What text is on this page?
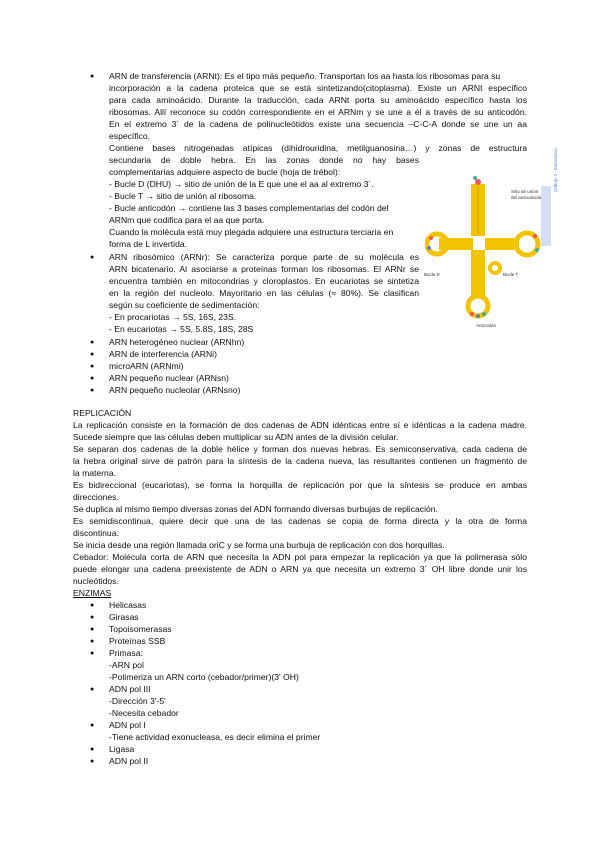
● ARN de transferencia (ARNt): Es el tipo más pequeño. Transportan los aa hasta los ribosomas para su
incorporación a la cadena proteica que se está sintetizando(citoplasma). Existe un ARNt específico
para cada aminoácido. Durante la traducción, cada ARNt porta su aminoácido específico hasta los
ribosomas. Allí reconoce su codón correspondiente en el ARNm y se une a él a través de su anticodón.
En el extremo 3´ de la cadena de polinucleótidos existe una secuencia –C-C-A donde se une un aa
específico.
Contiene bases nitrogenadas atípicas (dihidrouridina, metilguanosina…) y zonas de estructura
secundaria de doble hebra. En las zonas donde no hay bases
complementarias adquiere aspecto de bucle (hoja de trébol):
- Bucle D (DHU) → sitio de unión de la E que une el aa al extremo 3´.
- Bucle T → sitio de unión al ribosoma.
- Bucle anticodón → contiene las 3 bases complementarias del codón del
ARNm que codifica para el aa que porta.
Cuando la molécula está muy plegada adquiere una estructura terciaria en
forma de L invertida.
● ARN ribosómico (ARNr): Se caracteriza porque parte de su molécula es
ARN bicatenario. Al asociarse a proteínas forman los ribosomas. El ARNr se
encuentra también en mitocondrias y cloroplastos. En eucariotas se sintetiza
en la región del nucleolo. Mayoritario en las células (≈ 80%). Se clasifican
según su coeficiente de sedimentación:
- En procariotas → 5S, 16S, 23S.
- En eucariotas → 5S, 5.8S, 18S, 28S
● ARN heterogéneo nuclear (ARNhn)
● ARN de interferencia (ARNi)
● microARN (ARNmi)
● ARN pequeño nuclear (ARNsn)
● ARN pequeño nucleolar (ARNsno)
REPLICACIÓN
La replicación consiste en la formación de dos cadenas de ADN idénticas entre sí e idénticas a la cadena madre.
Sucede siempre que las células deben multiplicar su ADN antes de la división celular.
Se separan dos cadenas de la doble hélice y forman dos nuevas hebras. Es semiconservativa, cada cadena de
la hebra original sirve de patrón para la síntesis de la cadena nueva, las resultantes contienen un fragmento de
la materna.
Es bidireccional (eucariotas), se forma la horquilla de replicación por que la síntesis se produce en ambas
direcciones.
Se duplica al mismo tiempo diversas zonas del ADN formando diversas burbujas de replicación.
Es semidiscontinua, quiere decir que una de las cadenas se copia de forma directa y la otra de forma
discontinua.
Se inicia desde una región llamada oriC y se forma una burbuja de replicación con dos horquillas.
Cebador: Molécula corta de ARN que necesita la ADN pol para empezar la replicación ya que la polimerasa sólo
puede elongar una cadena preexistente de ADN o ARN ya que necesita un extremo 3´ OH libre donde unir los
nucleótidos.
ENZIMAS
● Helicasas
● Girasas
● Topoisomerasas
● Proteínas SSB
● Primasa:
-ARN pol
-Polimeriza un ARN corto (cebador/primer)(3' OH)
● ADN pol III
-Dirección 3'-5'
-Necesita cebador
● ADN pol I
-Tiene actividad exonucleasa, es decir elimina el primer
● Ligasa
● ADN pol II
Sitio de unión
del aminoácido
Bucle D	Bucle T
Anticodón
(Dibujo 2 - Estructura)
